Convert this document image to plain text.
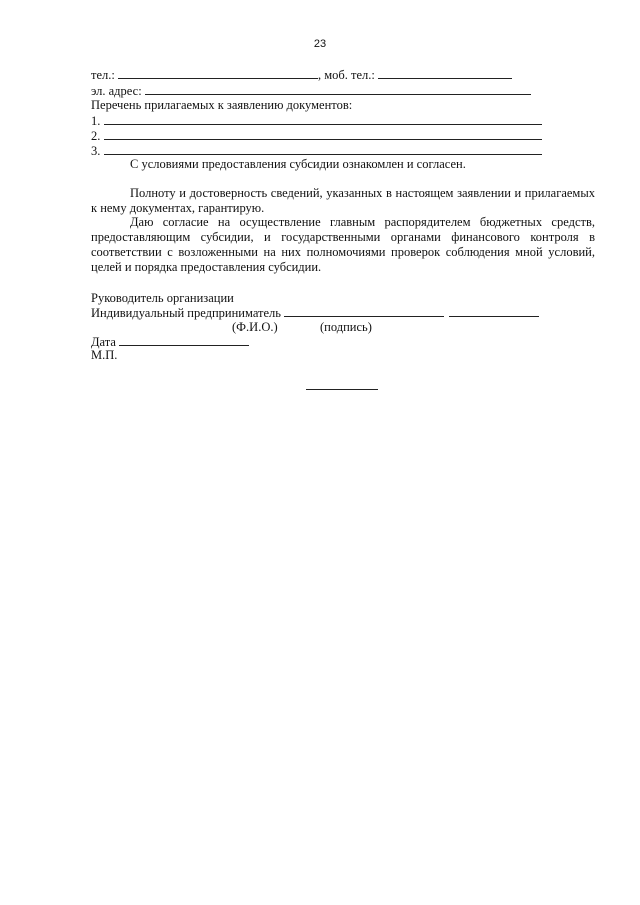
23
тел.:	, моб. тел.:
эл. адрес:
Перечень прилагаемых к заявлению документов:
1.
2.
3.
С условиями предоставления субсидии ознакомлен и согласен.
Полноту и достоверность сведений, указанных в настоящем заявлении и прилагаемых к нему документах, гарантирую.
Даю согласие на осуществление главным распорядителем бюджетных средств, предоставляющим субсидии, и государственными органами финансового контроля в соответствии с возложенными на них полномочиями проверок соблюдения мной условий, целей и порядка предоставления субсидии.
Руководитель организации
Индивидуальный предприниматель
(Ф.И.О.)	(подпись)
Дата
М.П.
